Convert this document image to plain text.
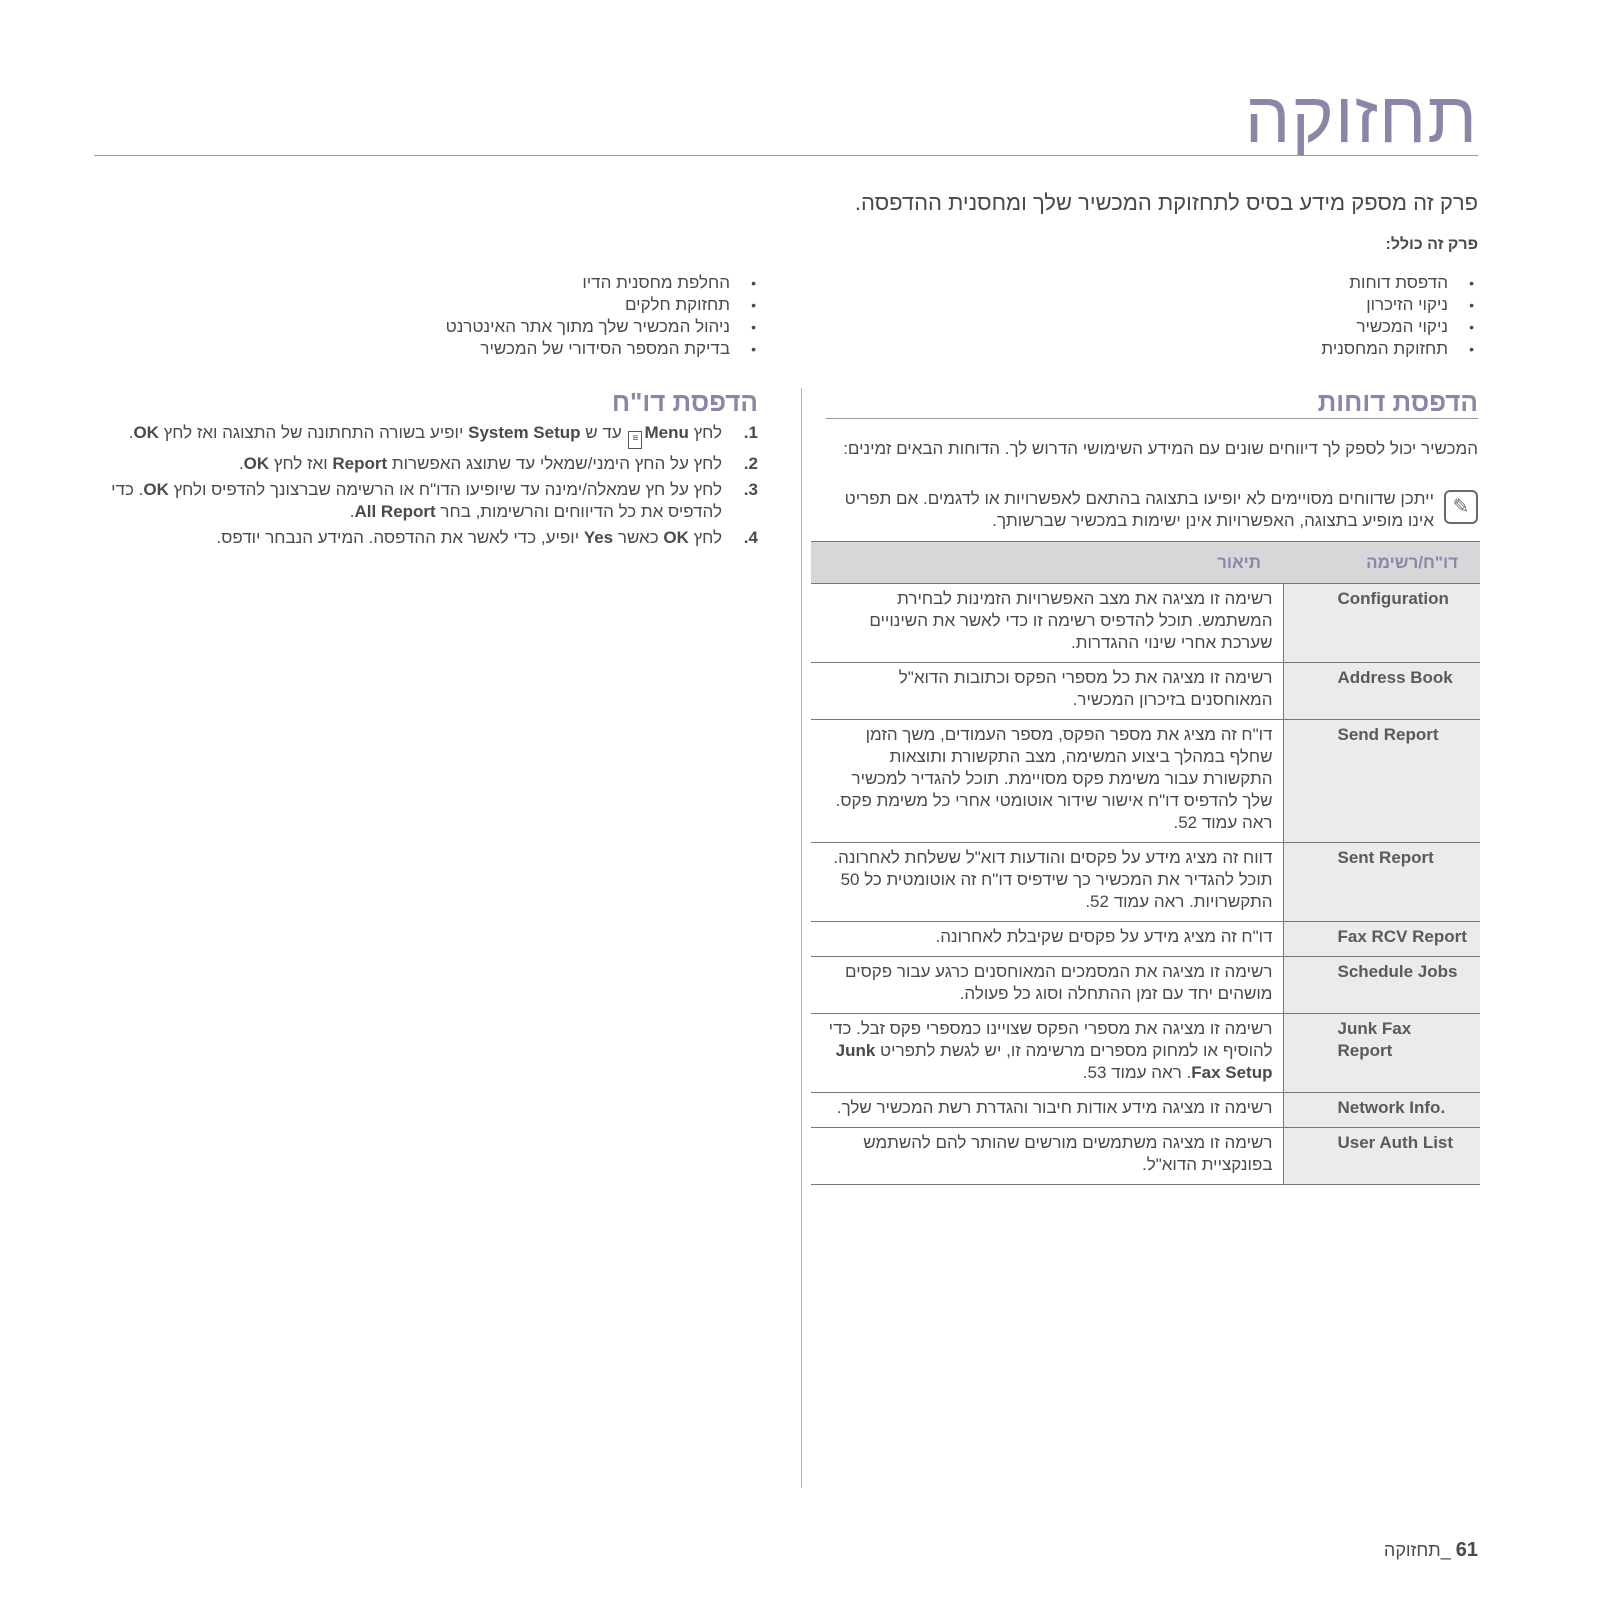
תחזוקה

פרק זה מספק מידע בסיס לתחזוקת המכשיר שלך ומחסנית ההדפסה.

פרק זה כולל:

• הדפסת דוחות
• ניקוי הזיכרון
• ניקוי המכשיר
• תחזוקת המחסנית
• החלפת מחסנית הדיו
• תחזוקת חלקים
• ניהול המכשיר שלך מתוך אתר האינטרנט
• בדיקת המספר הסידורי של המכשיר
הדפסת דוחות

המכשיר יכול לספק לך דיווחים שונים עם המידע השימושי הדרוש לך. הדוחות הבאים זמינים:

✎
ייתכן שדווחים מסויימים לא יופיעו בתצוגה בהתאם לאפשרויות או לדגמים. אם תפריט אינו מופיע בתצוגה, האפשרויות אינן ישימות במכשיר שברשותך.
דו"ח/רשימה	תיאור
Configuration	רשימה זו מציגה את מצב האפשרויות הזמינות לבחירת המשתמש. תוכל להדפיס רשימה זו כדי לאשר את השינויים שערכת אחרי שינוי ההגדרות.
Address Book	רשימה זו מציגה את כל מספרי הפקס וכתובות הדוא"ל המאוחסנים בזיכרון המכשיר.
Send Report	דו"ח זה מציג את מספר הפקס, מספר העמודים, משך הזמן שחלף במהלך ביצוע המשימה, מצב התקשורת ותוצאות התקשורת עבור משימת פקס מסויימת. תוכל להגדיר למכשיר שלך להדפיס דו"ח אישור שידור אוטומטי אחרי כל משימת פקס. ראה עמוד 52.
Sent Report	דווח זה מציג מידע על פקסים והודעות דוא"ל ששלחת לאחרונה. תוכל להגדיר את המכשיר כך שידפיס דו"ח זה אוטומטית כל 50 התקשרויות. ראה עמוד 52.
Fax RCV Report	דו"ח זה מציג מידע על פקסים שקיבלת לאחרונה.
Schedule Jobs	רשימה זו מציגה את המסמכים המאוחסנים כרגע עבור פקסים מושהים יחד עם זמן ההתחלה וסוג כל פעולה.
Junk Fax Report	רשימה זו מציגה את מספרי הפקס שצויינו כמספרי פקס זבל. כדי להוסיף או למחוק מספרים מרשימה זו, יש לגשת לתפריט Junk Fax Setup. ראה עמוד 53.
Network Info.	רשימה זו מציגה מידע אודות חיבור והגדרת רשת המכשיר שלך.
User Auth List	רשימה זו מציגה משתמשים מורשים שהותר להם להשתמש בפונקציית הדוא"ל.
הדפסת דו"ח
1.
לחץ Menu≡ עד ש System Setup יופיע בשורה התחתונה של התצוגה ואז לחץ OK.
2.
לחץ על החץ הימני/שמאלי עד שתוצג האפשרות Report ואז לחץ OK.
3.
לחץ על חץ שמאלה/ימינה עד שיופיעו הדו"ח או הרשימה שברצונך להדפיס ולחץ OK. כדי להדפיס את כל הדיווחים והרשימות, בחר All Report.
4.
לחץ OK כאשר Yes יופיע, כדי לאשר את ההדפסה. המידע הנבחר יודפס.
61 _תחזוקה
